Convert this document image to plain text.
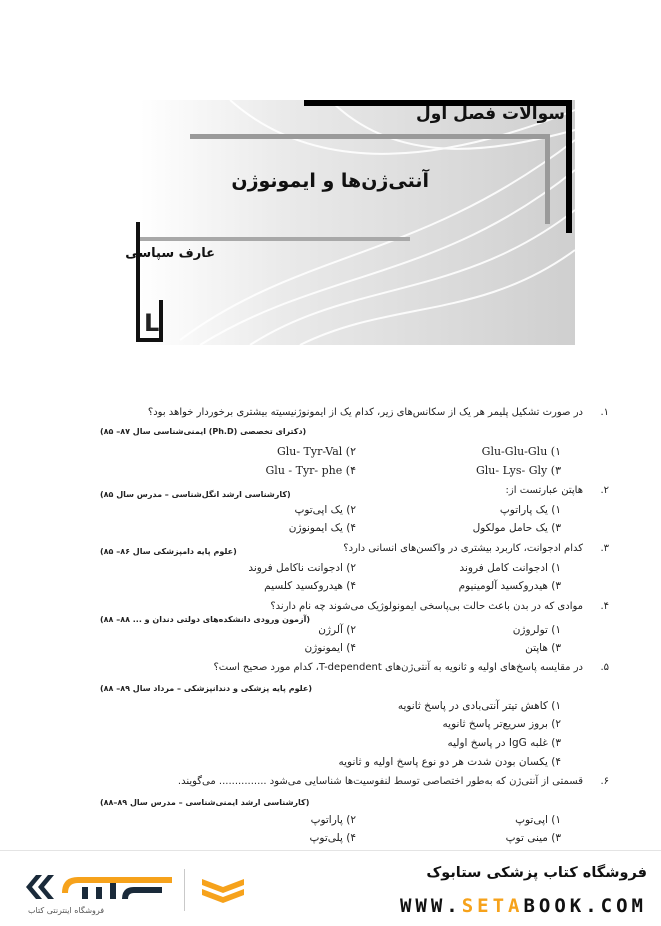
سوالات فصل اول
آنتی‌ژن‌ها و ایمونوژن
عارف سپاسی
L
۱.
در صورت تشکیل پلیمر هر یک از سکانس‌های زیر، کدام یک از ایمونوژنیسیته بیشتری برخوردار خواهد بود؟
(دکترای تخصصی (Ph.D) ایمنی‌شناسی سال ۸۷– ۸۵)
۱) Glu-Glu-Glu
۲) Glu- Tyr-Val
۳) Glu- Lys- Gly
۴) Glu - Tyr- phe
۲.
هاپتن عبارتست از:
(کارشناسی ارشد انگل‌شناسی – مدرس سال ۸۵)
۱) یک پاراتوپ
۲) یک اپی‌توپ
۳) یک حامل مولکول
۴) یک ایمونوژن
۳.
کدام ادجوانت، کاربرد بیشتری در واکسن‌های انسانی دارد؟
(علوم پایه دامپزشکی سال ۸۶– ۸۵)
۱) ادجوانت کامل فروند
۲) ادجوانت ناکامل فروند
۳) هیدروکسید آلومینیوم
۴) هیدروکسید کلسیم
۴.
موادی که در بدن باعث حالت بی‌پاسخی ایمونولوژیک می‌شوند چه نام دارند؟
(آزمون ورودی دانشکده‌های دولتی دندان و ... ۸۸– ۸۸)
۱) تولروژن
۲) آلرژن
۳) هاپتن
۴) ایمونوژن
۵.
در مقایسه پاسخ‌های اولیه و ثانویه به آنتی‌ژن‌های T-dependent، کدام مورد صحیح است؟
(علوم پایه پزشکی و دندانپزشکی – مرداد سال ۸۹– ۸۸)
۱) کاهش تیتر آنتی‌بادی در پاسخ ثانویه
۲) بروز سریع‌تر پاسخ ثانویه
۳) غلبه IgG در پاسخ اولیه
۴) یکسان بودن شدت هر دو نوع پاسخ اولیه و ثانویه
۶.
قسمتی از آنتی‌ژن که به‌طور اختصاصی توسط لنفوسیت‌ها شناسایی می‌شود ............... می‌گویند.
(کارشناسی ارشد ایمنی‌شناسی – مدرس سال ۸۹–۸۸)
۱) اپی‌توپ
۲) پاراتوپ
۳) مینی توپ
۴) پلی‌توپ
فروشگاه اینترنتی کتاب
فروشگاه کتاب پزشکی ستابوک
WWW.SETABOOK.COM
